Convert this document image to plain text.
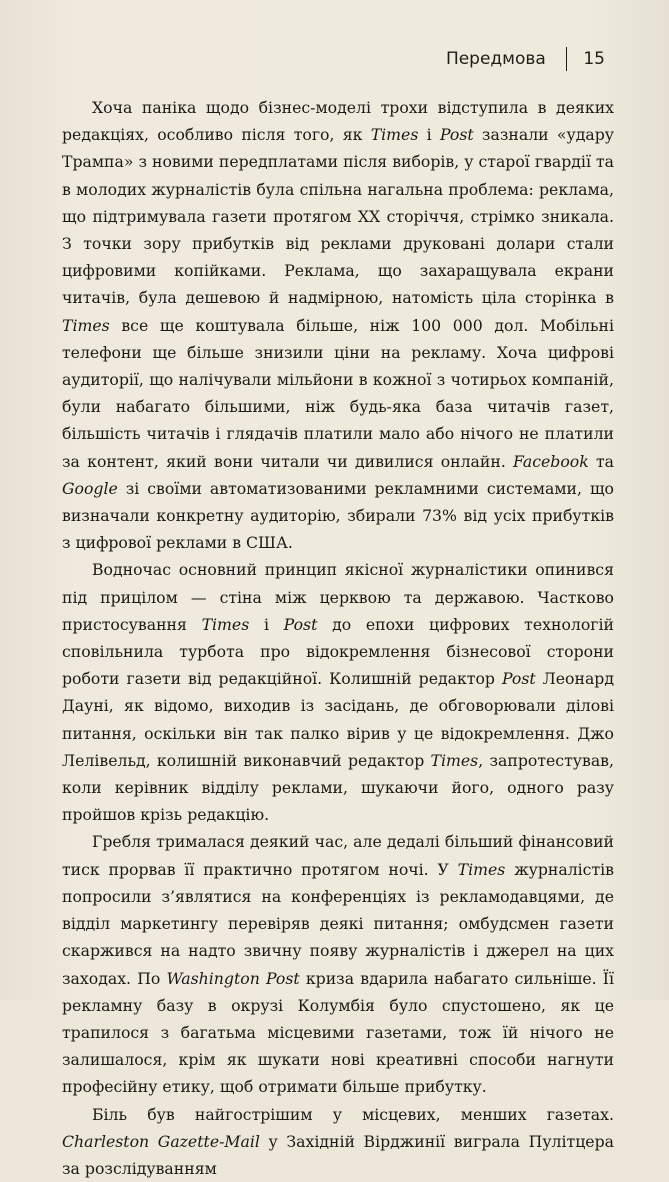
Передмова 15

Хоча паніка щодо бізнес-моделі трохи відступила в деяких редакціях, особливо після того, як Times і Post зазнали «удару Трампа» з новими передплатами після виборів, у старої гвардії та в молодих журналістів була спільна нагальна проблема: реклама, що підтримувала газети протягом XX сторіччя, стрімко зникала. З точки зору прибутків від реклами друковані долари стали цифровими копійками. Реклама, що захаращувала екрани читачів, була дешевою й надмірною, натомість ціла сторінка в Times все ще коштувала більше, ніж 100 000 дол. Мобільні телефони ще більше знизили ціни на рекламу. Хоча цифрові аудиторії, що налічували мільйони в кожної з чотирьох компаній, були набагато більшими, ніж будь-яка база читачів газет, більшість читачів і глядачів платили мало або нічого не платили за контент, який вони читали чи дивилися онлайн. Facebook та Google зі своїми автоматизованими рекламними системами, що визначали конкретну аудиторію, збирали 73% від усіх прибутків з цифрової реклами в США.

Водночас основний принцип якісної журналістики опинився під прицілом — стіна між церквою та державою. Частково пристосування Times і Post до епохи цифрових технологій сповільнила турбота про відокремлення бізнесової сторони роботи газети від редакційної. Колишній редактор Post Леонард Дауні, як відомо, виходив із засідань, де обговорювали ділові питання, оскільки він так палко вірив у це відокремлення. Джо Лелівельд, колишній виконавчий редактор Times, запротестував, коли керівник відділу реклами, шукаючи його, одного разу пройшов крізь редакцію.

Гребля трималася деякий час, але дедалі більший фінансовий тиск прорвав її практично протягом ночі. У Times журналістів попросили з’являтися на конференціях із рекламодавцями, де відділ маркетингу перевіряв деякі питання; омбудсмен газети скаржився на надто звичну появу журналістів і джерел на цих заходах. По Washington Post криза вдарила набагато сильніше. Її рекламну базу в окрузі Колумбія було спустошено, як це трапилося з багатьма місцевими газетами, тож їй нічого не залишалося, крім як шукати нові креативні способи нагнути професійну етику, щоб отримати більше прибутку.

Біль був найгострішим у місцевих, менших газетах. Charleston Gazette-Mail у Західній Вірджинії виграла Пулітцера за розслідуванням
